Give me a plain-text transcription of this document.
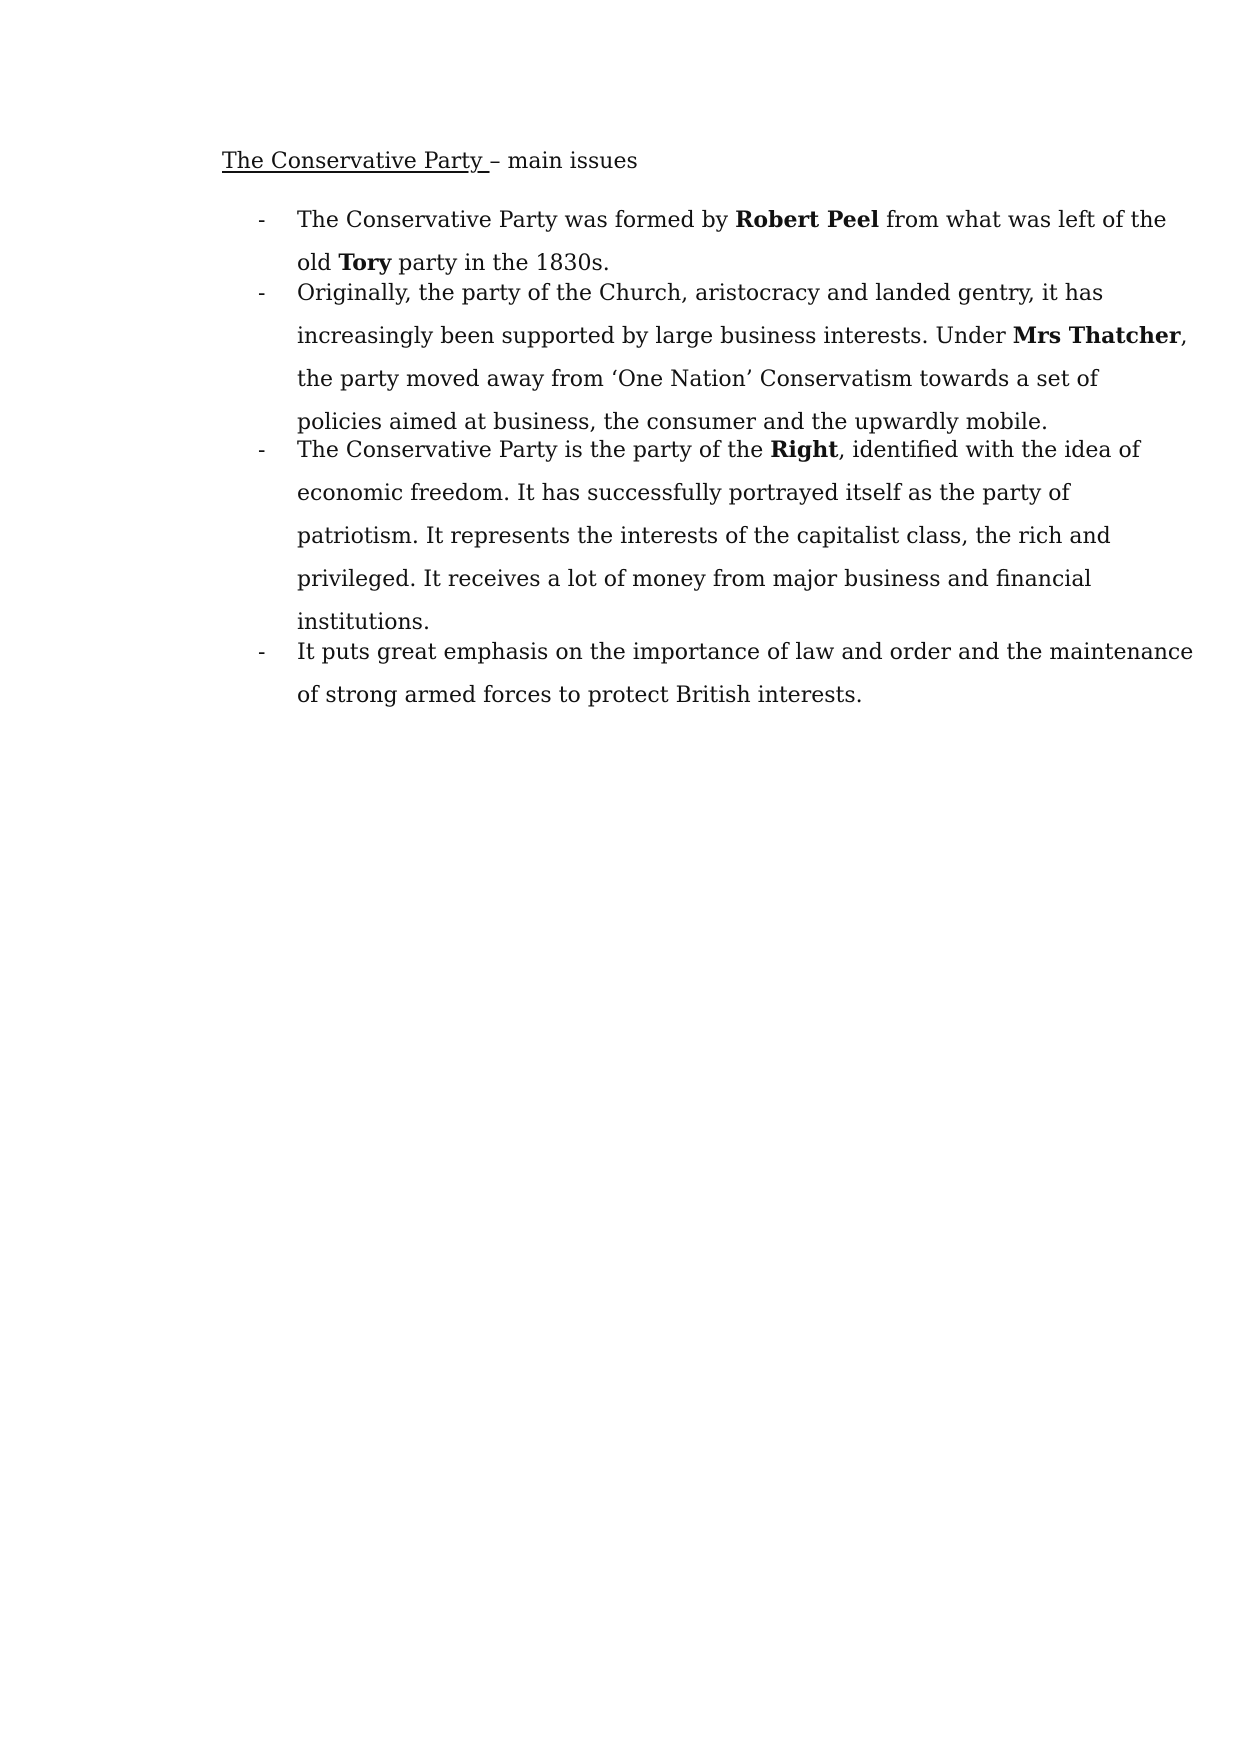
The Conservative Party – main issues
- The Conservative Party was formed by Robert Peel from what was left of the
old Tory party in the 1830s.

- Originally, the party of the Church, aristocracy and landed gentry, it has
increasingly been supported by large business interests. Under Mrs Thatcher,
the party moved away from ‘One Nation’ Conservatism towards a set of
policies aimed at business, the consumer and the upwardly mobile.

- The Conservative Party is the party of the Right, identified with the idea of
economic freedom. It has successfully portrayed itself as the party of
patriotism. It represents the interests of the capitalist class, the rich and
privileged. It receives a lot of money from major business and financial
institutions.

- It puts great emphasis on the importance of law and order and the maintenance
of strong armed forces to protect British interests.
